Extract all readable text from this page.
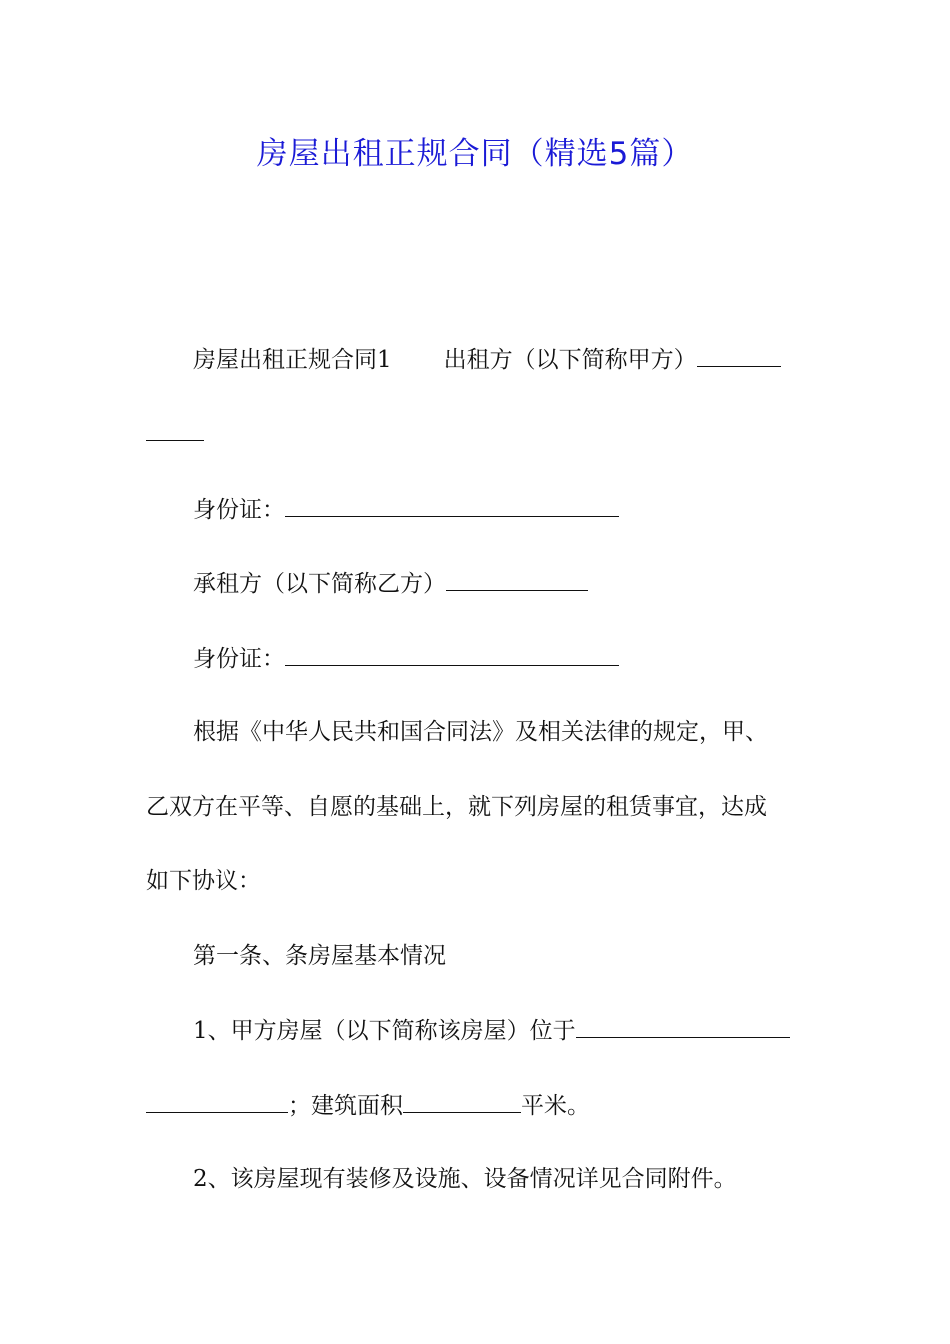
房屋出租正规合同（精选5篇）
房屋出租正规合同1 出租方（以下简称甲方）
身份证：
承租方（以下简称乙方）
身份证：
根据《中华人民共和国合同法》及相关法律的规定，甲、
乙双方在平等、自愿的基础上，就下列房屋的租赁事宜，达成
如下协议：
第一条、条房屋基本情况
1、甲方房屋（以下简称该房屋）位于
；建筑面积	平米。
2、该房屋现有装修及设施、设备情况详见合同附件。
